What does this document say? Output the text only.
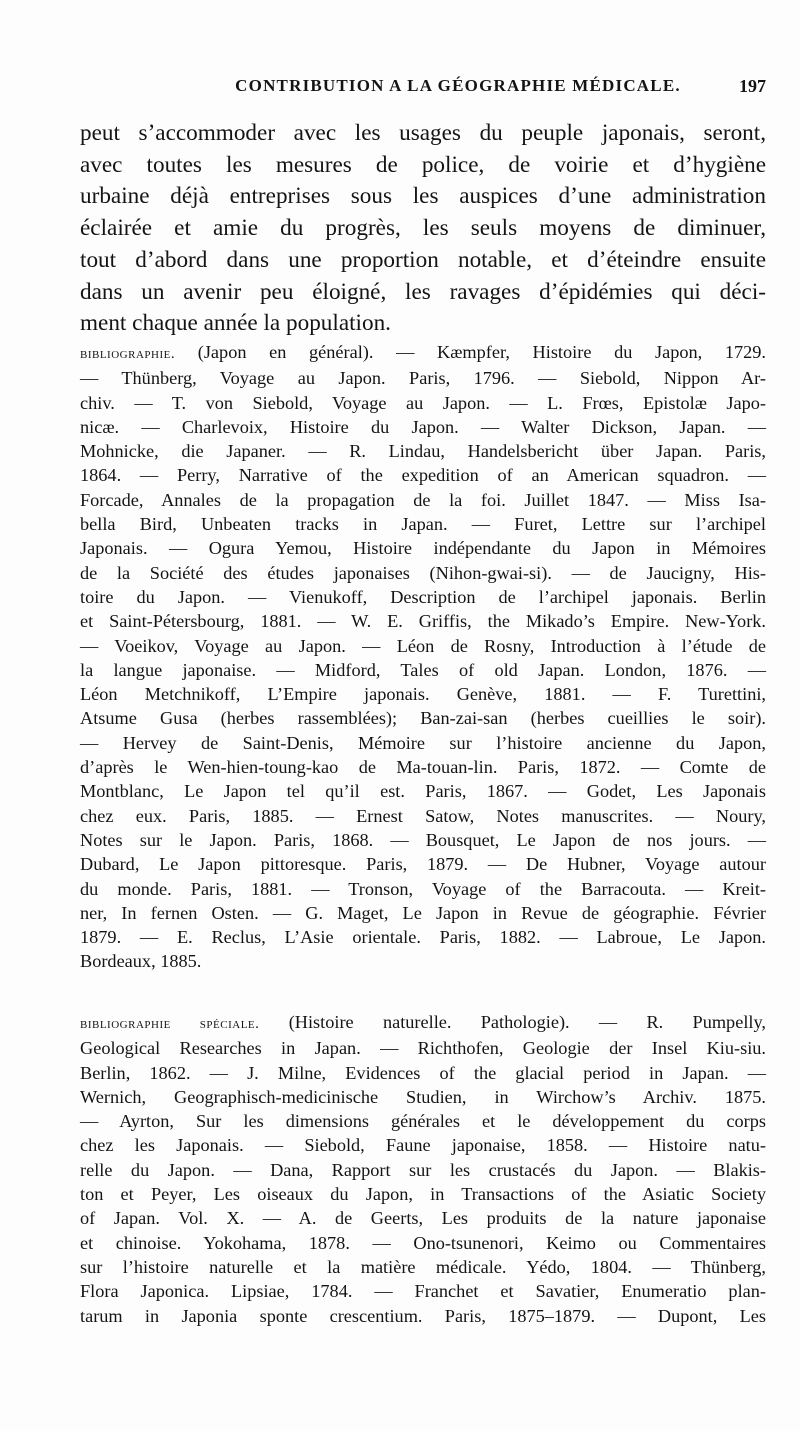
CONTRIBUTION A LA GÉOGRAPHIE MÉDICALE.	197

peut s’accommoder avec les usages du peuple japonais, seront,
avec toutes les mesures de police, de voirie et d’hygiène
urbaine déjà entreprises sous les auspices d’une administration
éclairée et amie du progrès, les seuls moyens de diminuer,
tout d’abord dans une proportion notable, et d’éteindre ensuite
dans un avenir peu éloigné, les ravages d’épidémies qui déci-
ment chaque année la population.

bibliographie. (Japon en général). — Kæmpfer, Histoire du Japon, 1729.
— Thünberg, Voyage au Japon. Paris, 1796. — Siebold, Nippon Ar-
chiv. — T. von Siebold, Voyage au Japon. — L. Frœs, Epistolæ Japo-
nicæ. — Charlevoix, Histoire du Japon. — Walter Dickson, Japan. —
Mohnicke, die Japaner. — R. Lindau, Handelsbericht über Japan. Paris,
1864. — Perry, Narrative of the expedition of an American squadron. —
Forcade, Annales de la propagation de la foi. Juillet 1847. — Miss Isa-
bella Bird, Unbeaten tracks in Japan. — Furet, Lettre sur l’archipel
Japonais. — Ogura Yemou, Histoire indépendante du Japon in Mémoires
de la Société des études japonaises (Nihon-gwai-si). — de Jaucigny, His-
toire du Japon. — Vienukoff, Description de l’archipel japonais. Berlin
et Saint-Pétersbourg, 1881. — W. E. Griffis, the Mikado’s Empire. New-York.
— Voeikov, Voyage au Japon. — Léon de Rosny, Introduction à l’étude de
la langue japonaise. — Midford, Tales of old Japan. London, 1876. —
Léon Metchnikoff, L’Empire japonais. Genève, 1881. — F. Turettini,
Atsume Gusa (herbes rassemblées); Ban-zai-san (herbes cueillies le soir).
— Hervey de Saint-Denis, Mémoire sur l’histoire ancienne du Japon,
d’après le Wen-hien-toung-kao de Ma-touan-lin. Paris, 1872. — Comte de
Montblanc, Le Japon tel qu’il est. Paris, 1867. — Godet, Les Japonais
chez eux. Paris, 1885. — Ernest Satow, Notes manuscrites. — Noury,
Notes sur le Japon. Paris, 1868. — Bousquet, Le Japon de nos jours. —
Dubard, Le Japon pittoresque. Paris, 1879. — De Hubner, Voyage autour
du monde. Paris, 1881. — Tronson, Voyage of the Barracouta. — Kreit-
ner, In fernen Osten. — G. Maget, Le Japon in Revue de géographie. Février
1879. — E. Reclus, L’Asie orientale. Paris, 1882. — Labroue, Le Japon.
Bordeaux, 1885.

bibliographie spéciale. (Histoire naturelle. Pathologie). — R. Pumpelly,
Geological Researches in Japan. — Richthofen, Geologie der Insel Kiu-siu.
Berlin, 1862. — J. Milne, Evidences of the glacial period in Japan. —
Wernich, Geographisch-medicinische Studien, in Wirchow’s Archiv. 1875.
— Ayrton, Sur les dimensions générales et le développement du corps
chez les Japonais. — Siebold, Faune japonaise, 1858. — Histoire natu-
relle du Japon. — Dana, Rapport sur les crustacés du Japon. — Blakis-
ton et Peyer, Les oiseaux du Japon, in Transactions of the Asiatic Society
of Japan. Vol. X. — A. de Geerts, Les produits de la nature japonaise
et chinoise. Yokohama, 1878. — Ono-tsunenori, Keimo ou Commentaires
sur l’histoire naturelle et la matière médicale. Yédo, 1804. — Thünberg,
Flora Japonica. Lipsiae, 1784. — Franchet et Savatier, Enumeratio plan-
tarum in Japonia sponte crescentium. Paris, 1875–1879. — Dupont, Les
